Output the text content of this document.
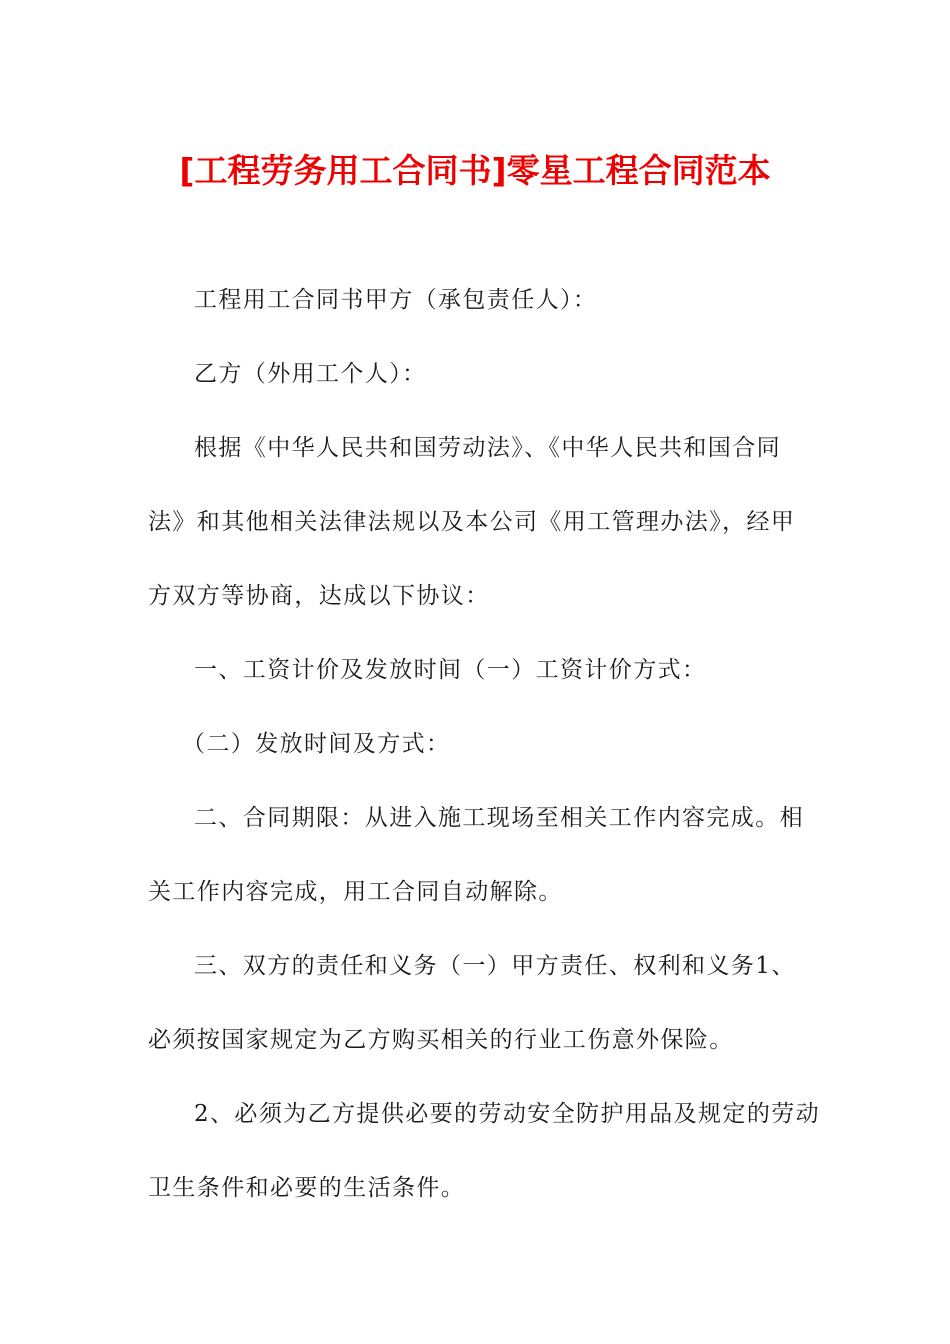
[工程劳务用工合同书]零星工程合同范本

工程用工合同书甲方（承包责任人）：

乙方（外用工个人）：

根据《中华人民共和国劳动法》、《中华人民共和国合同
法》和其他相关法律法规以及本公司《用工管理办法》，经甲
方双方等协商，达成以下协议：

一、工资计价及发放时间（一）工资计价方式：

（二）发放时间及方式：

二、合同期限：从进入施工现场至相关工作内容完成。相
关工作内容完成，用工合同自动解除。

三、双方的责任和义务（一）甲方责任、权利和义务1、
必须按国家规定为乙方购买相关的行业工伤意外保险。

2、必须为乙方提供必要的劳动安全防护用品及规定的劳动
卫生条件和必要的生活条件。
